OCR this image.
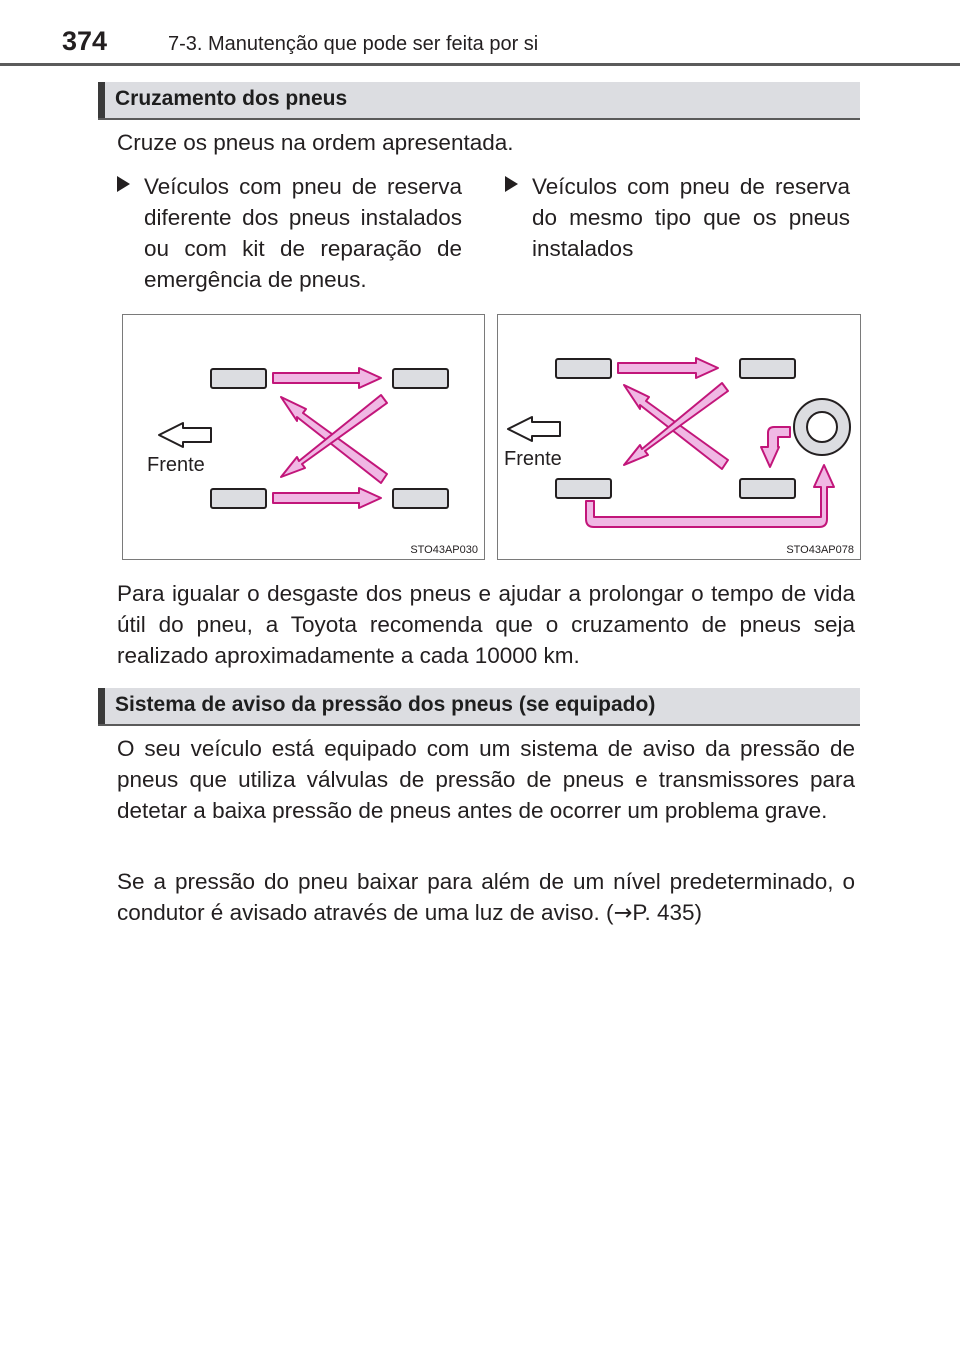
374	7-3. Manutenção que pode ser feita por si
Cruzamento dos pneus
Cruze os pneus na ordem apresentada.
Veículos com pneu de reserva diferente dos pneus instalados ou com kit de reparação de emergência de pneus.
Veículos com pneu de reserva do mesmo tipo que os pneus instalados
Frente
STO43AP030
Frente
STO43AP078
Para igualar o desgaste dos pneus e ajudar a prolongar o tempo de vida útil do pneu, a Toyota recomenda que o cruzamento de pneus seja realizado aproximadamente a cada 10000 km.
Sistema de aviso da pressão dos pneus (se equipado)
O seu veículo está equipado com um sistema de aviso da pressão de pneus que utiliza válvulas de pressão de pneus e transmissores para detetar a baixa pressão de pneus antes de ocorrer um problema grave.
Se a pressão do pneu baixar para além de um nível predeterminado, o condutor é avisado através de uma luz de aviso. (→P. 435)
